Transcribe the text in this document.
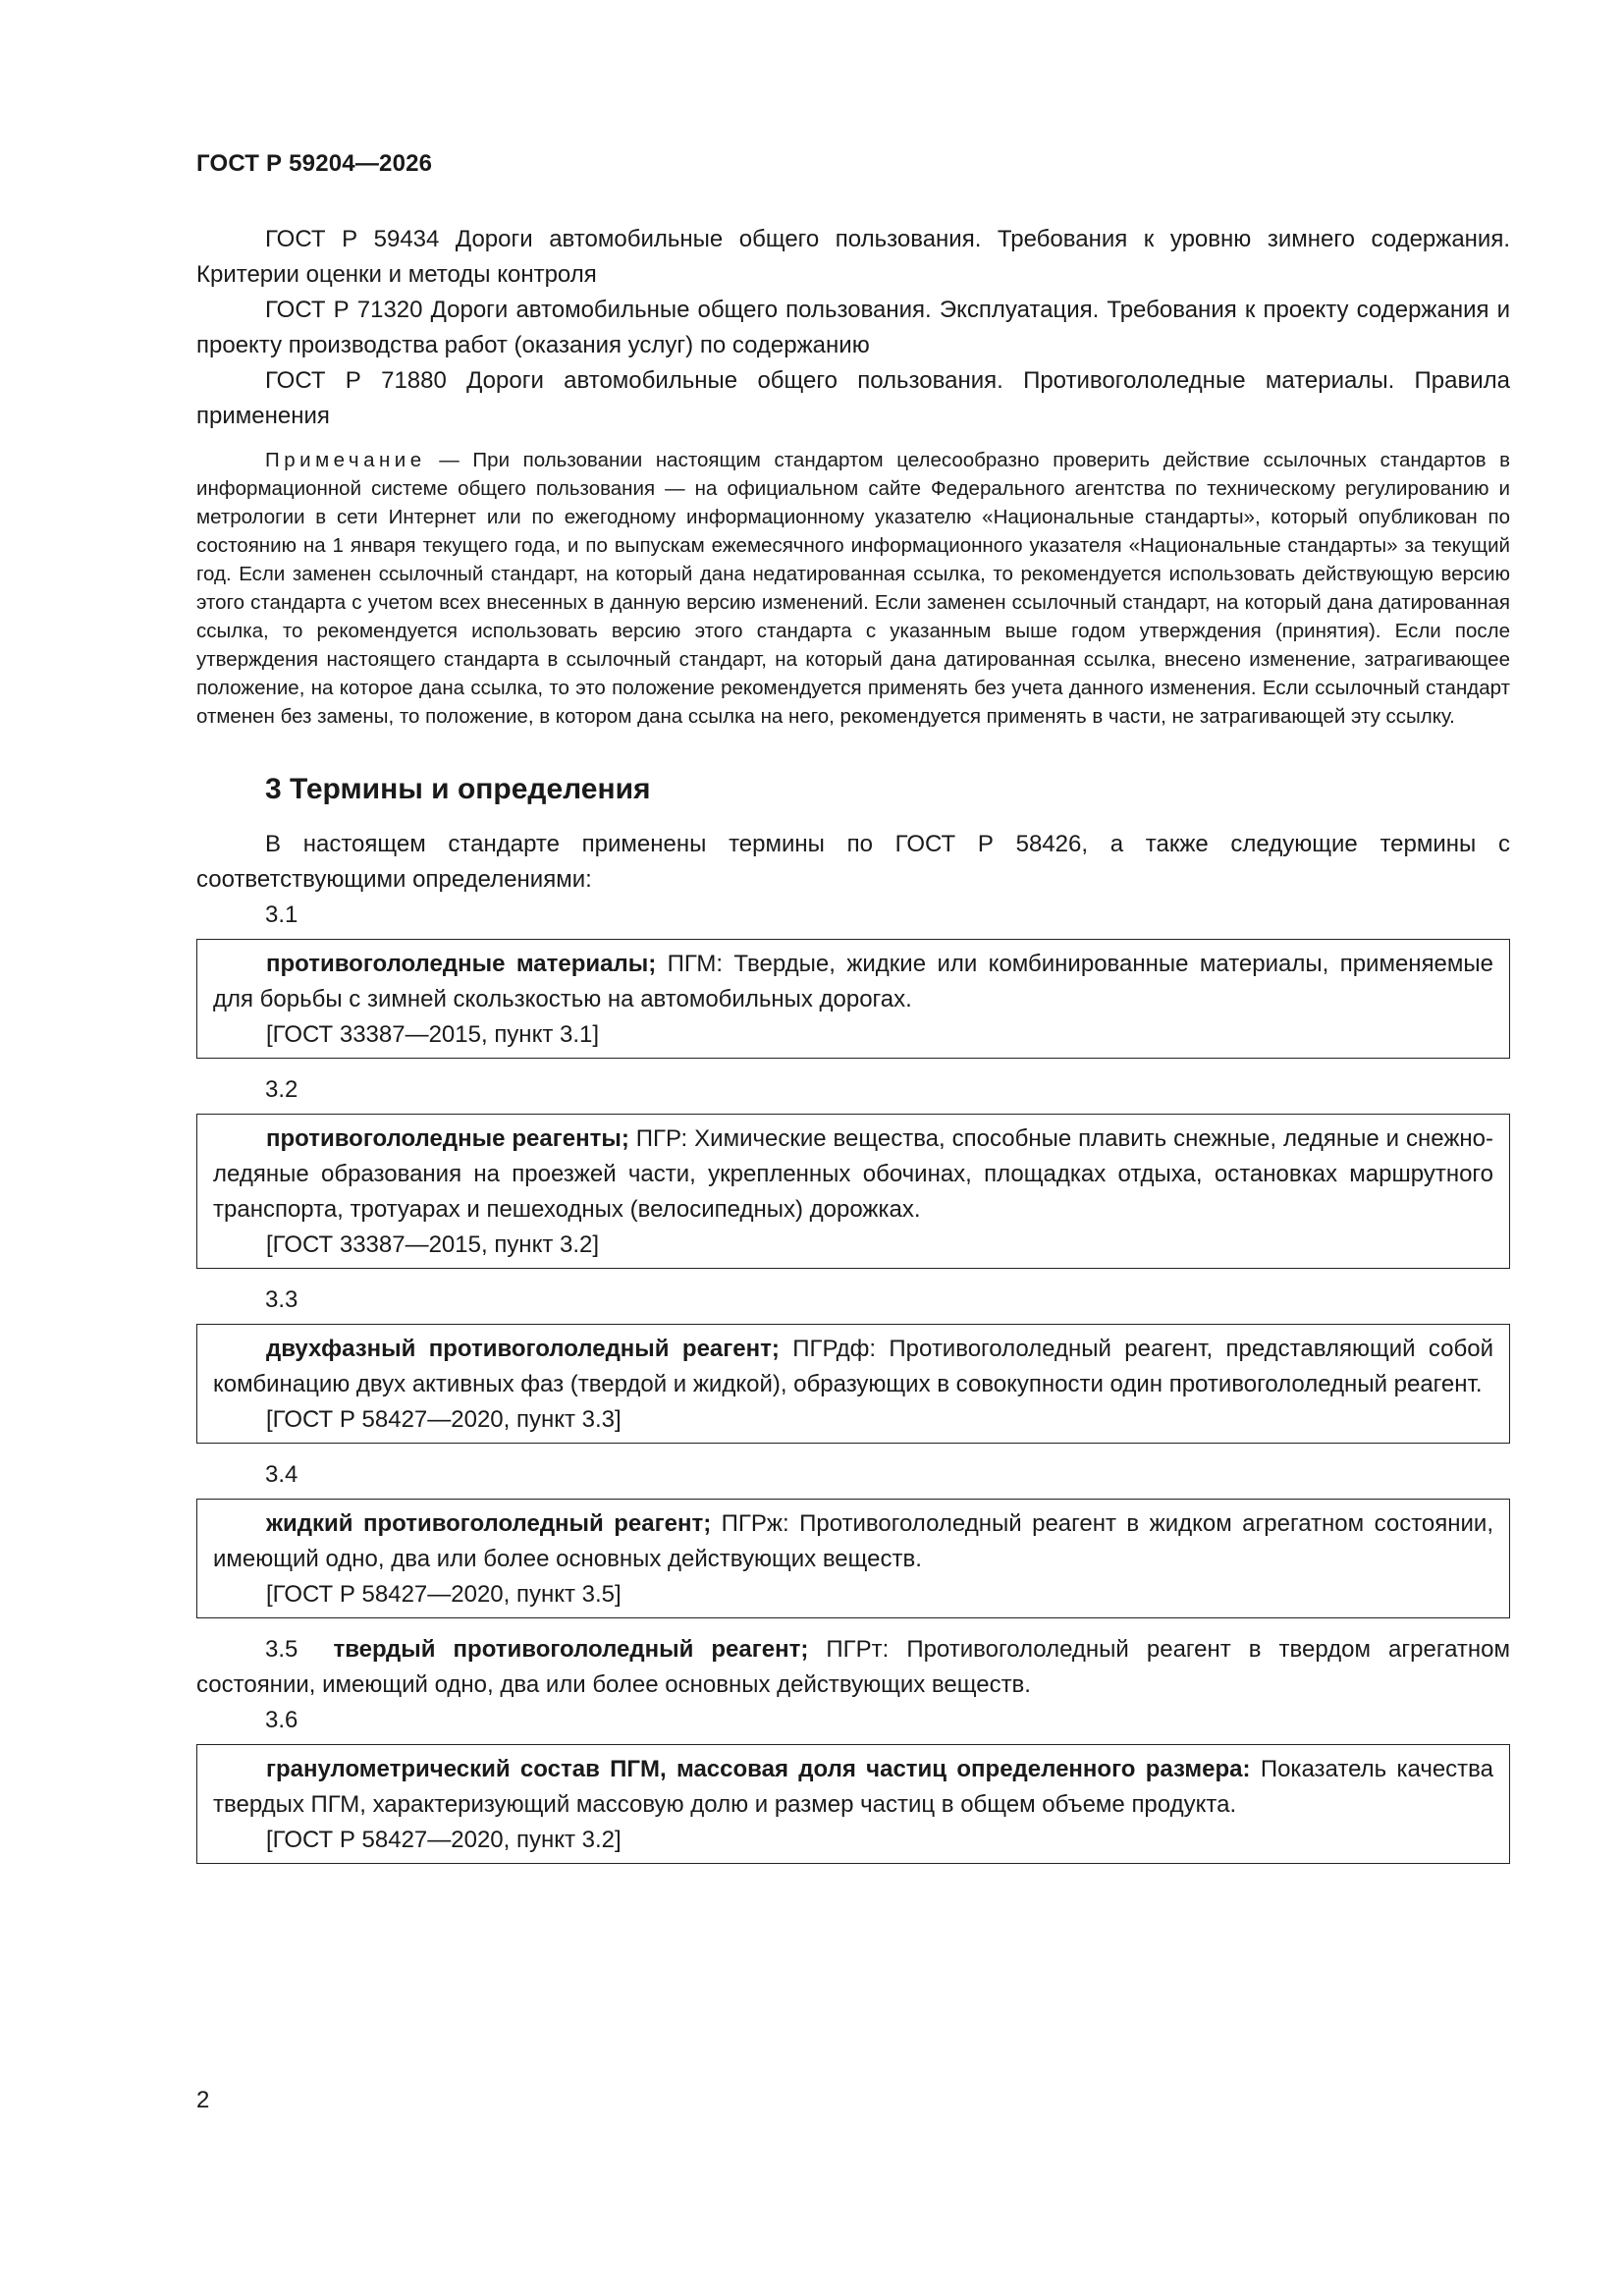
ГОСТ Р 59204—2026

ГОСТ Р 59434 Дороги автомобильные общего пользования. Требования к уровню зимнего содержания. Критерии оценки и методы контроля

ГОСТ Р 71320 Дороги автомобильные общего пользования. Эксплуатация. Требования к проекту содержания и проекту производства работ (оказания услуг) по содержанию

ГОСТ Р 71880 Дороги автомобильные общего пользования. Противогололедные материалы. Правила применения

Примечание — При пользовании настоящим стандартом целесообразно проверить действие ссылочных стандартов в информационной системе общего пользования — на официальном сайте Федерального агентства по техническому регулированию и метрологии в сети Интернет или по ежегодному информационному указателю «Национальные стандарты», который опубликован по состоянию на 1 января текущего года, и по выпускам ежемесячного информационного указателя «Национальные стандарты» за текущий год. Если заменен ссылочный стандарт, на который дана недатированная ссылка, то рекомендуется использовать действующую версию этого стандарта с учетом всех внесенных в данную версию изменений. Если заменен ссылочный стандарт, на который дана датированная ссылка, то рекомендуется использовать версию этого стандарта с указанным выше годом утверждения (принятия). Если после утверждения настоящего стандарта в ссылочный стандарт, на который дана датированная ссылка, внесено изменение, затрагивающее положение, на которое дана ссылка, то это положение рекомендуется применять без учета данного изменения. Если ссылочный стандарт отменен без замены, то положение, в котором дана ссылка на него, рекомендуется применять в части, не затрагивающей эту ссылку.

3 Термины и определения

В настоящем стандарте применены термины по ГОСТ Р 58426, а также следующие термины с соответствующими определениями:

3.1

противогололедные материалы; ПГМ: Твердые, жидкие или комбинированные материалы, применяемые для борьбы с зимней скользкостью на автомобильных дорогах.

[ГОСТ 33387—2015, пункт 3.1]
3.2

противогололедные реагенты; ПГР: Химические вещества, способные плавить снежные, ледяные и снежно-ледяные образования на проезжей части, укрепленных обочинах, площадках отдыха, остановках маршрутного транспорта, тротуарах и пешеходных (велосипедных) дорожках.

[ГОСТ 33387—2015, пункт 3.2]
3.3

двухфазный противогололедный реагент; ПГРдф: Противогололедный реагент, представляющий собой комбинацию двух активных фаз (твердой и жидкой), образующих в совокупности один противогололедный реагент.

[ГОСТ Р 58427—2020, пункт 3.3]
3.4

жидкий противогололедный реагент; ПГРж: Противогололедный реагент в жидком агрегатном состоянии, имеющий одно, два или более основных действующих веществ.

[ГОСТ Р 58427—2020, пункт 3.5]

3.5 твердый противогололедный реагент; ПГРт: Противогололедный реагент в твердом агрегатном состоянии, имеющий одно, два или более основных действующих веществ.

3.6

гранулометрический состав ПГМ, массовая доля частиц определенного размера: Показатель качества твердых ПГМ, характеризующий массовую долю и размер частиц в общем объеме продукта.

[ГОСТ Р 58427—2020, пункт 3.2]
2
